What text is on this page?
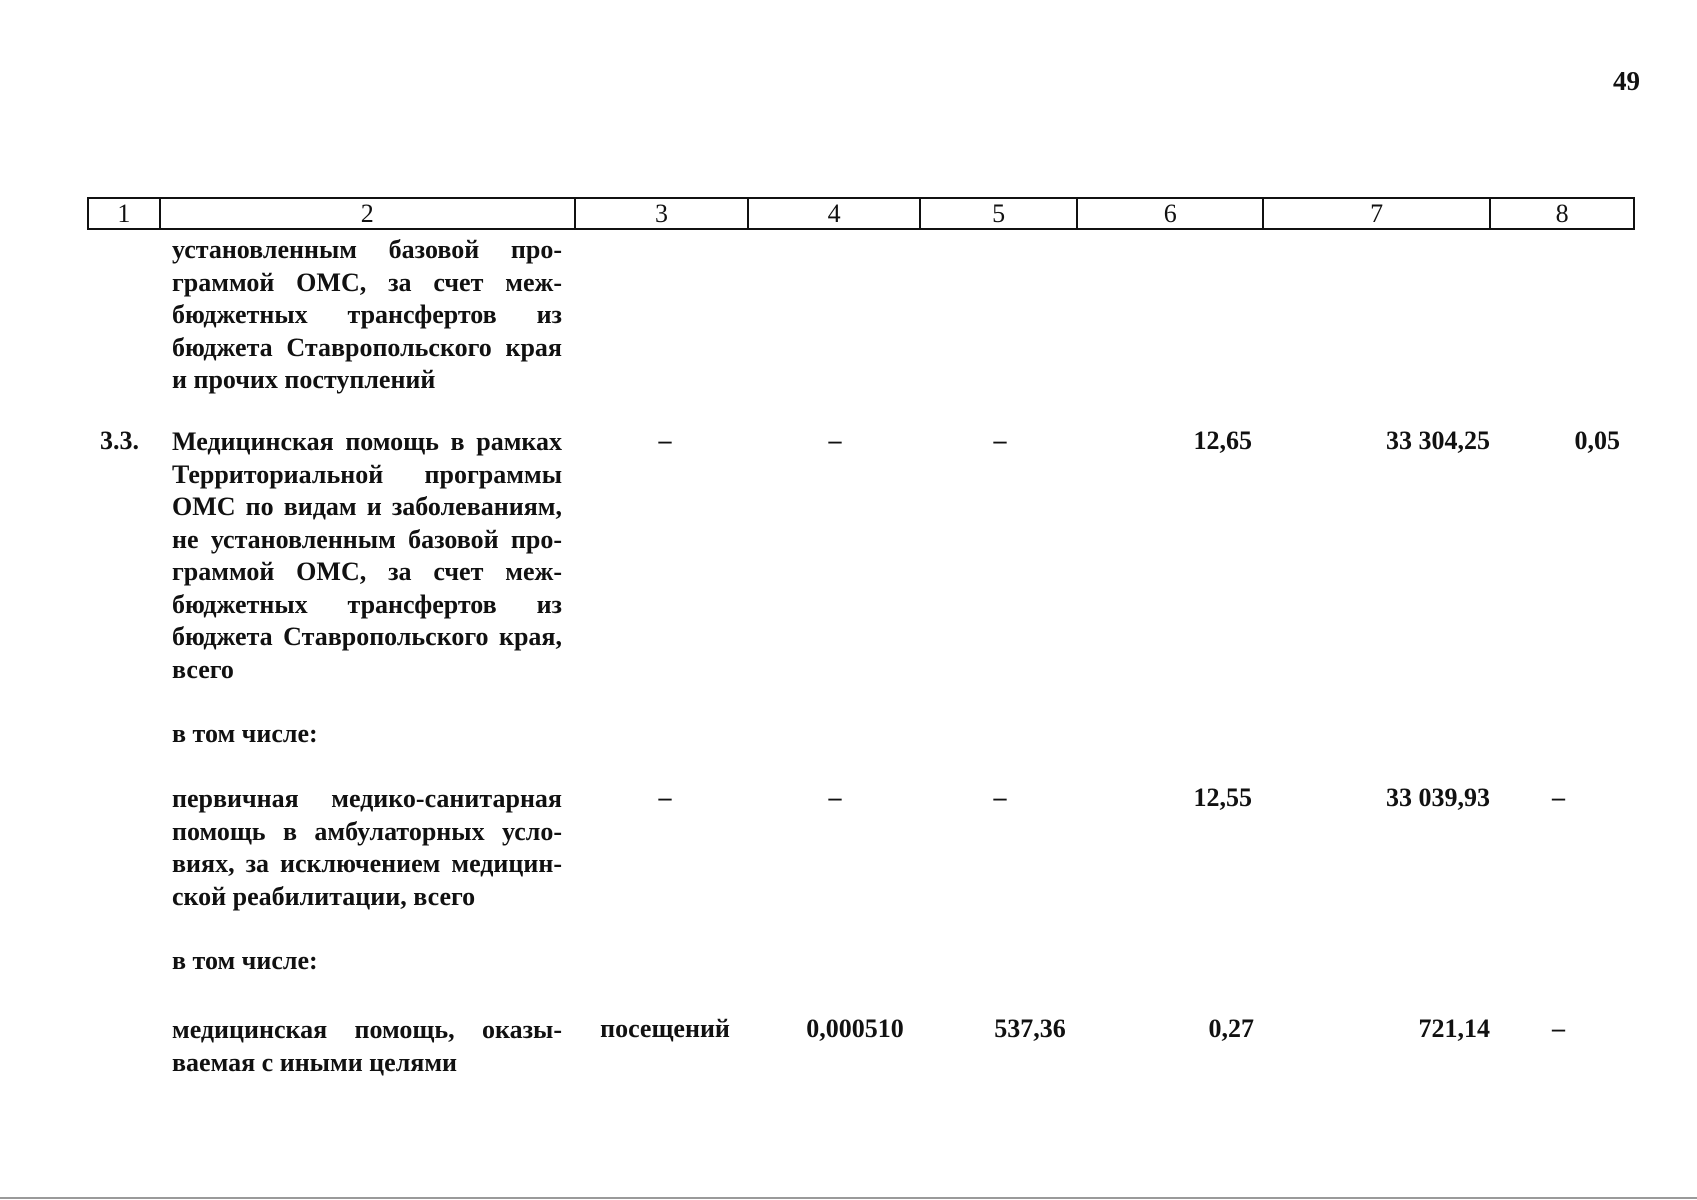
49
1	2	3	4	5	6	7	8
установленным базовой про-
граммой ОМС, за счет меж-
бюджетных трансфертов из
бюджета Ставропольского края
и прочих поступлений
3.3. Медицинская помощь в рамках
Территориальной программы
ОМС по видам и заболеваниям,
не установленным базовой про-
граммой ОМС, за счет меж-
бюджетных трансфертов из
бюджета Ставропольского края,
всего
–	–	–	12,65	33 304,25	0,05
в том числе:
первичная медико-санитарная
помощь в амбулаторных усло-
виях, за исключением медицин-
ской реабилитации, всего
–	–	–	12,55	33 039,93 –
в том числе:
медицинская помощь, оказы-
ваемая с иными целями
посещений	0,000510	537,36	0,27	721,14 –
